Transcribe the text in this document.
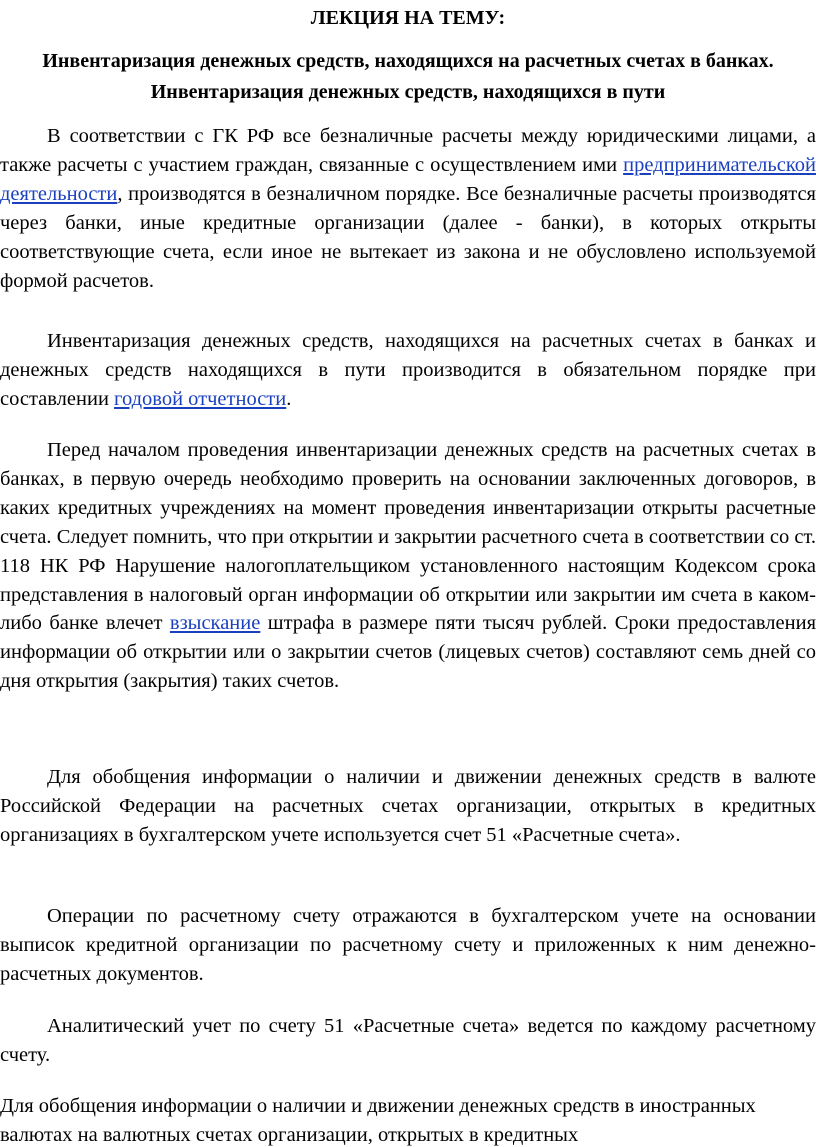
ЛЕКЦИЯ НА ТЕМУ:
Инвентаризация денежных средств, находящихся на расчетных счетах в банках. Инвентаризация денежных средств, находящихся в пути
В соответствии с ГК РФ все безналичные расчеты между юридическими лицами, а также расчеты с участием граждан, связанные с осуществлением ими предпринимательской деятельности, производятся в безналичном порядке. Все безналичные расчеты производятся через банки, иные кредитные организации (далее - банки), в которых открыты соответствующие счета, если иное не вытекает из закона и не обусловлено используемой формой расчетов.
Инвентаризация денежных средств, находящихся на расчетных счетах в банках и денежных средств находящихся в пути производится в обязательном порядке при составлении годовой отчетности.
Перед началом проведения инвентаризации денежных средств на расчетных счетах в банках, в первую очередь необходимо проверить на основании заключенных договоров, в каких кредитных учреждениях на момент проведения инвентаризации открыты расчетные счета. Следует помнить, что при открытии и закрытии расчетного счета в соответствии со ст. 118 НК РФ Нарушение налогоплательщиком установленного настоящим Кодексом срока представления в налоговый орган информации об открытии или закрытии им счета в каком-либо банке влечет взыскание штрафа в размере пяти тысяч рублей. Сроки предоставления информации об открытии или о закрытии счетов (лицевых счетов) составляют семь дней со дня открытия (закрытия) таких счетов.
Для обобщения информации о наличии и движении денежных средств в валюте Российской Федерации на расчетных счетах организации, открытых в кредитных организациях в бухгалтерском учете используется счет 51 «Расчетные счета».
Операции по расчетному счету отражаются в бухгалтерском учете на основании выписок кредитной организации по расчетному счету и приложенных к ним денежно-расчетных документов.
Аналитический учет по счету 51 «Расчетные счета» ведется по каждому расчетному счету.
Для обобщения информации о наличии и движении денежных средств в иностранных валютах на валютных счетах организации, открытых в кредитных
